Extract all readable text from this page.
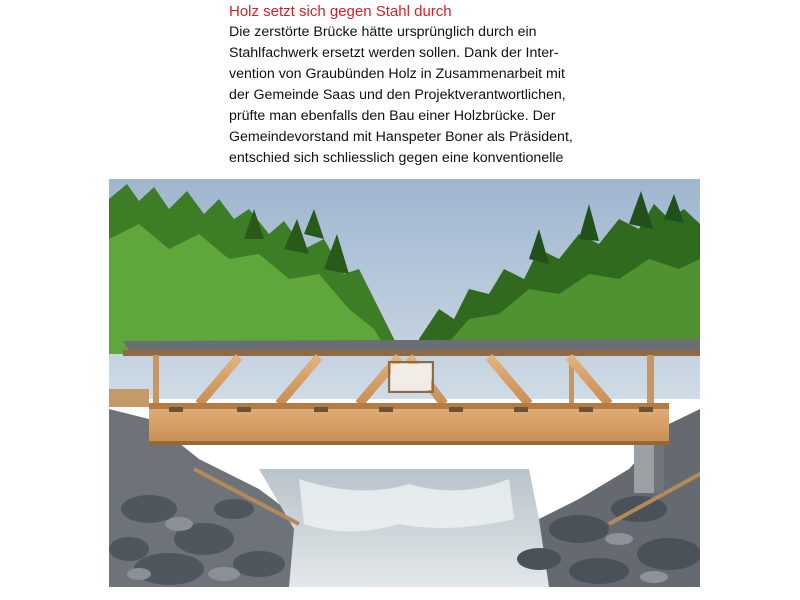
Holz setzt sich gegen Stahl durch
Die zerstörte Brücke hätte ursprünglich durch ein
Stahlfachwerk ersetzt werden sollen. Dank der Inter-
vention von Graubünden Holz in Zusammenarbeit mit
der Gemeinde Saas und den Projektverantwortlichen,
prüfte man ebenfalls den Bau einer Holzbrücke. Der
Gemeindevorstand mit Hanspeter Boner als Präsident,
entschied sich schliesslich gegen eine konventionelle
